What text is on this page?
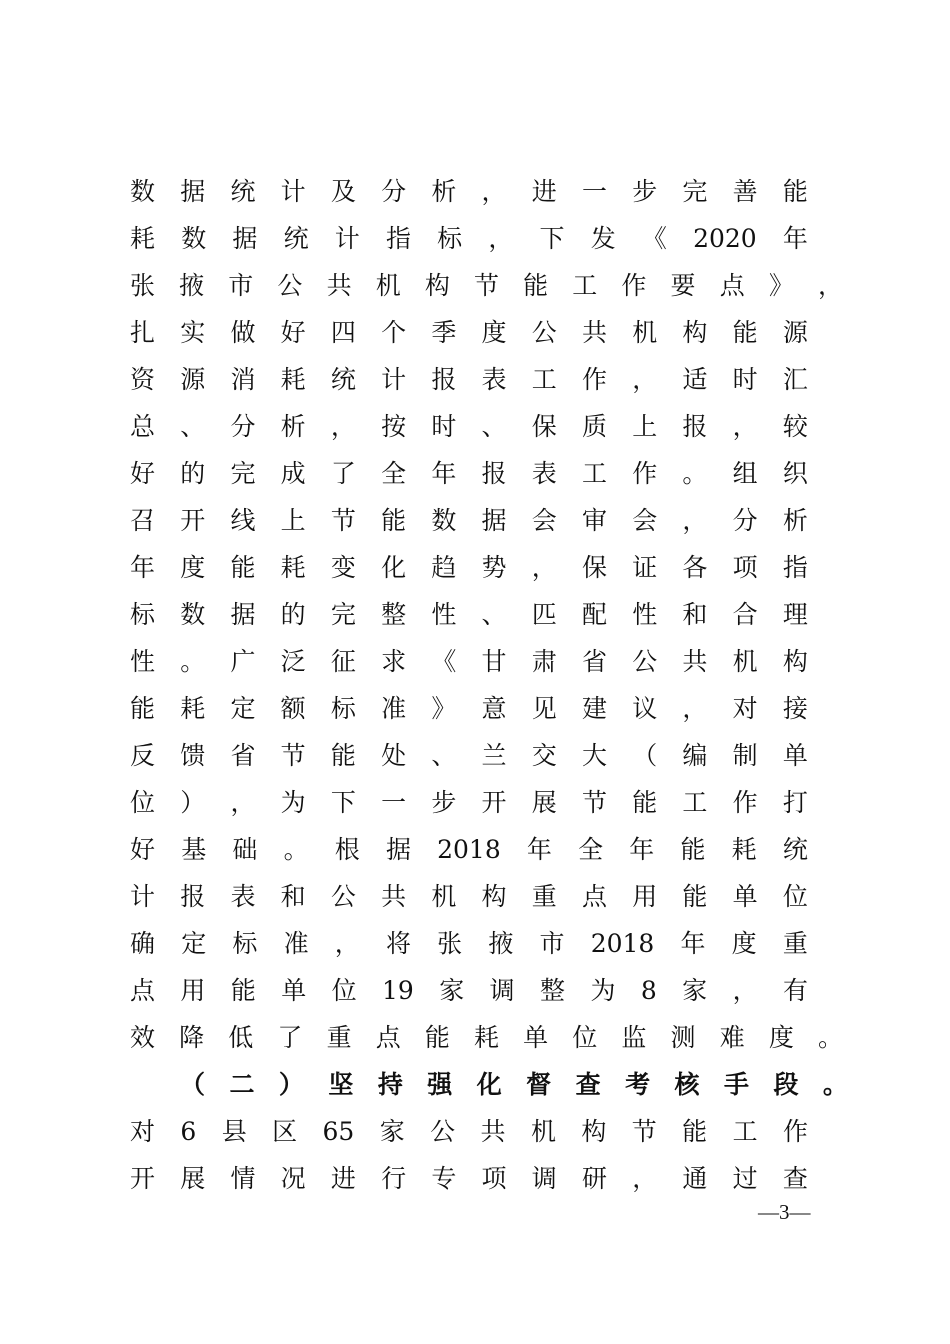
数 据 统 计 及 分 析 ， 进 一 步 完 善 能
耗 数 据 统 计 指 标 ， 下 发 《 2020 年
张 掖 市 公 共 机 构 节 能 工 作 要 点 》 ，
扎 实 做 好 四 个 季 度 公 共 机 构 能 源
资 源 消 耗 统 计 报 表 工 作 ， 适 时 汇
总 、 分 析 ， 按 时 、 保 质 上 报 ， 较
好 的 完 成 了 全 年 报 表 工 作 。 组 织
召 开 线 上 节 能 数 据 会 审 会 ， 分 析
年 度 能 耗 变 化 趋 势 ， 保 证 各 项 指
标 数 据 的 完 整 性 、 匹 配 性 和 合 理
性 。 广 泛 征 求 《 甘 肃 省 公 共 机 构
能 耗 定 额 标 准 》 意 见 建 议 ， 对 接
反 馈 省 节 能 处 、 兰 交 大 （ 编 制 单
位 ） ， 为 下 一 步 开 展 节 能 工 作 打
好 基 础 。 根 据 2018 年 全 年 能 耗 统
计 报 表 和 公 共 机 构 重 点 用 能 单 位
确 定 标 准 ， 将 张 掖 市 2018 年 度 重
点 用 能 单 位 19 家 调 整 为 8 家 ， 有
效 降 低 了 重 点 能 耗 单 位 监 测 难 度 。
（ 二 ） 坚 持 强 化 督 查 考 核 手 段 。
对 6 县 区 65 家 公 共 机 构 节 能 工 作
开 展 情 况 进 行 专 项 调 研 ， 通 过 查
—3—
